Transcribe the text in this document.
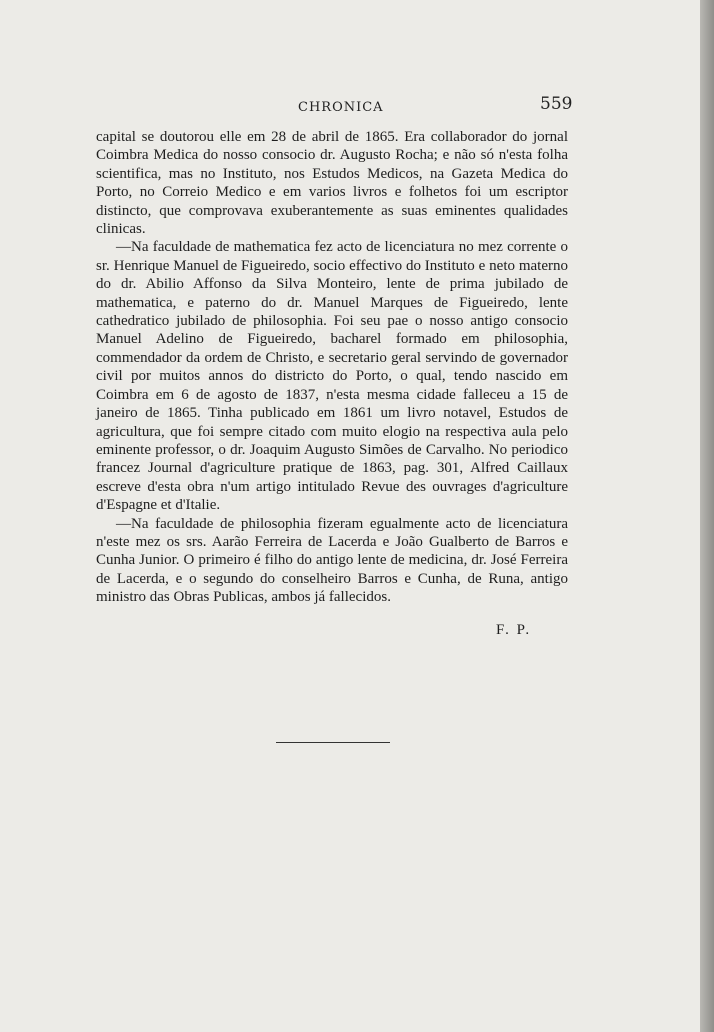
CHRONICA	559

capital se doutorou elle em 28 de abril de 1865. Era collaborador do jornal Coimbra Medica do nosso consocio dr. Augusto Rocha; e não só n'esta folha scientifica, mas no Instituto, nos Estudos Medicos, na Gazeta Medica do Porto, no Correio Medico e em varios livros e folhetos foi um escriptor distincto, que comprovava exuberantemente as suas eminentes qualidades clinicas.

—Na faculdade de mathematica fez acto de licenciatura no mez corrente o sr. Henrique Manuel de Figueiredo, socio effectivo do Instituto e neto materno do dr. Abilio Affonso da Silva Monteiro, lente de prima jubilado de mathematica, e paterno do dr. Manuel Marques de Figueiredo, lente cathedratico jubilado de philosophia. Foi seu pae o nosso antigo consocio Manuel Adelino de Figueiredo, bacharel formado em philosophia, commendador da ordem de Christo, e secretario geral servindo de governador civil por muitos annos do districto do Porto, o qual, tendo nascido em Coimbra em 6 de agosto de 1837, n'esta mesma cidade falleceu a 15 de janeiro de 1865. Tinha publicado em 1861 um livro notavel, Estudos de agricultura, que foi sempre citado com muito elogio na respectiva aula pelo eminente professor, o dr. Joaquim Augusto Simões de Carvalho. No periodico francez Journal d'agriculture pratique de 1863, pag. 301, Alfred Caillaux escreve d'esta obra n'um artigo intitulado Revue des ouvrages d'agriculture d'Espagne et d'Italie.

—Na faculdade de philosophia fizeram egualmente acto de licenciatura n'este mez os srs. Aarão Ferreira de Lacerda e João Gualberto de Barros e Cunha Junior. O primeiro é filho do antigo lente de medicina, dr. José Ferreira de Lacerda, e o segundo do conselheiro Barros e Cunha, de Runa, antigo ministro das Obras Publicas, ambos já fallecidos.

F. P.
